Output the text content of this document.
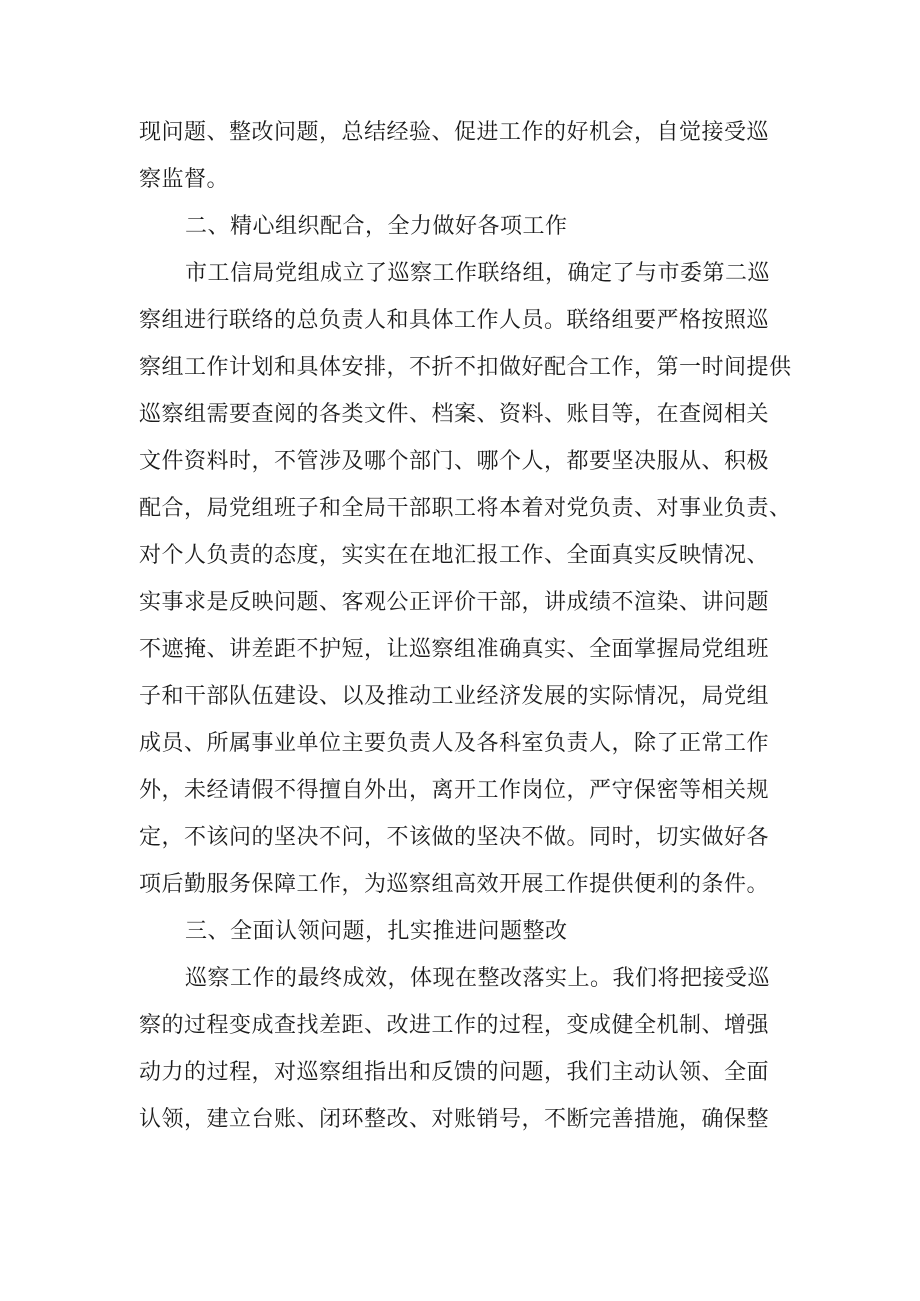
现问题、整改问题，总结经验、促进工作的好机会，自觉接受巡
察监督。
二、精心组织配合，全力做好各项工作
市工信局党组成立了巡察工作联络组，确定了与市委第二巡
察组进行联络的总负责人和具体工作人员。联络组要严格按照巡
察组工作计划和具体安排，不折不扣做好配合工作，第一时间提供
巡察组需要查阅的各类文件、档案、资料、账目等，在查阅相关
文件资料时，不管涉及哪个部门、哪个人，都要坚决服从、积极
配合，局党组班子和全局干部职工将本着对党负责、对事业负责、
对个人负责的态度，实实在在地汇报工作、全面真实反映情况、
实事求是反映问题、客观公正评价干部，讲成绩不渲染、讲问题
不遮掩、讲差距不护短，让巡察组准确真实、全面掌握局党组班
子和干部队伍建设、以及推动工业经济发展的实际情况，局党组
成员、所属事业单位主要负责人及各科室负责人，除了正常工作
外，未经请假不得擅自外出，离开工作岗位，严守保密等相关规
定，不该问的坚决不问，不该做的坚决不做。同时，切实做好各
项后勤服务保障工作，为巡察组高效开展工作提供便利的条件。
三、全面认领问题，扎实推进问题整改
巡察工作的最终成效，体现在整改落实上。我们将把接受巡
察的过程变成查找差距、改进工作的过程，变成健全机制、增强
动力的过程，对巡察组指出和反馈的问题，我们主动认领、全面
认领，建立台账、闭环整改、对账销号，不断完善措施，确保整
